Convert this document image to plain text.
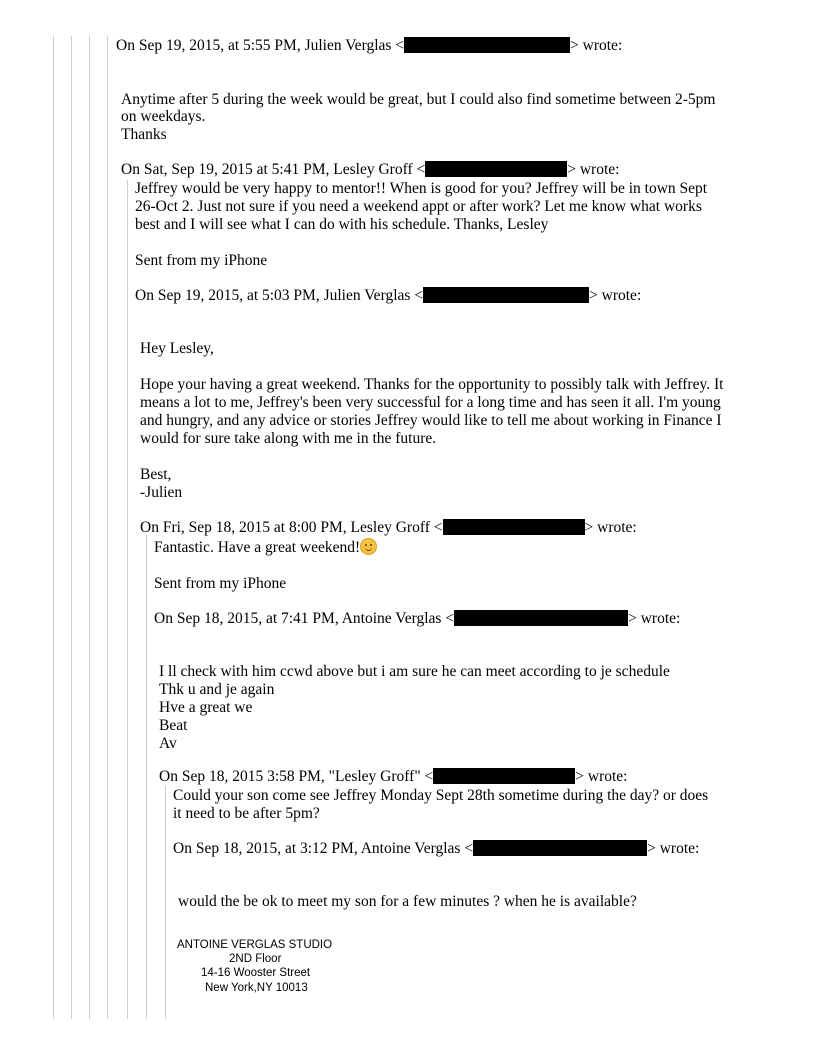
On Sep 19, 2015, at 5:55 PM, Julien Verglas <	> wrote:
Anytime after 5 during the week would be great, but I could also find sometime between 2-5pm
on weekdays.
Thanks
On Sat, Sep 19, 2015 at 5:41 PM, Lesley Groff <	> wrote:
Jeffrey would be very happy to mentor!! When is good for you? Jeffrey will be in town Sept
26-Oct 2. Just not sure if you need a weekend appt or after work? Let me know what works
best and I will see what I can do with his schedule. Thanks, Lesley
Sent from my iPhone
On Sep 19, 2015, at 5:03 PM, Julien Verglas <	> wrote:
Hey Lesley,
Hope your having a great weekend. Thanks for the opportunity to possibly talk with Jeffrey. It
means a lot to me, Jeffrey's been very successful for a long time and has seen it all. I'm young
and hungry, and any advice or stories Jeffrey would like to tell me about working in Finance I
would for sure take along with me in the future.
Best,
-Julien
On Fri, Sep 18, 2015 at 8:00 PM, Lesley Groff <	> wrote:
Fantastic. Have a great weekend!
Sent from my iPhone
On Sep 18, 2015, at 7:41 PM, Antoine Verglas <	> wrote:
I ll check with him ccwd above but i am sure he can meet according to je schedule
Thk u and je again
Hve a great we
Beat
Av
On Sep 18, 2015 3:58 PM, "Lesley Groff" <	> wrote:
Could your son come see Jeffrey Monday Sept 28th sometime during the day? or does
it need to be after 5pm?
On Sep 18, 2015, at 3:12 PM, Antoine Verglas <	> wrote:
would the be ok to meet my son for a few minutes ? when he is available?
ANTOINE VERGLAS STUDIO
2ND Floor
14-16 Wooster Street
New York,NY 10013
